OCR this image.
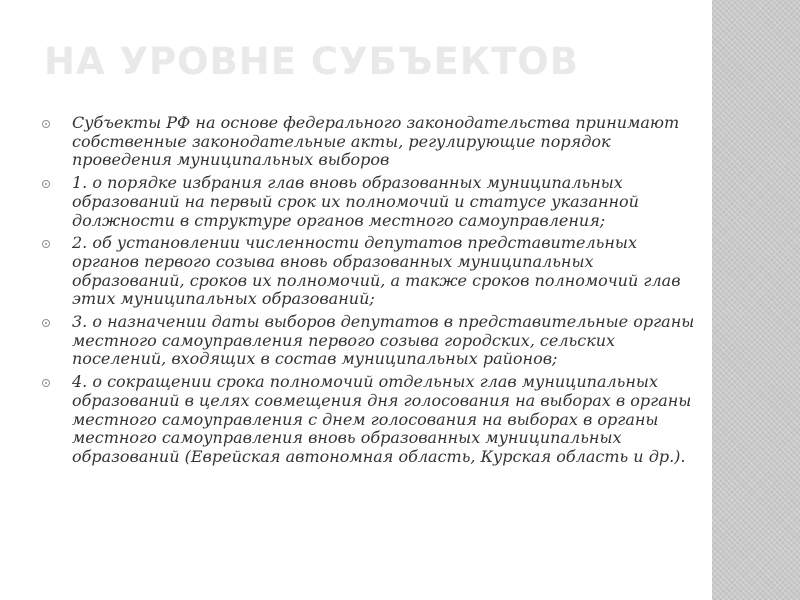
НА УРОВНЕ СУБЪЕКТОВ
Субъекты РФ на основе федерального законодательства принимают собственные законодательные акты, регулирующие порядок проведения муниципальных выборов
1. о порядке избрания глав вновь образованных муниципальных образований на первый срок их полномочий и статусе указанной должности в структуре органов местного самоуправления;
2. об установлении численности депутатов представительных органов первого созыва вновь образованных муниципальных образований, сроков их полномочий, а также сроков полномочий глав этих муниципальных образований;
3. о назначении даты выборов депутатов в представительные органы местного самоуправления первого созыва городских, сельских поселений, входящих в состав муниципальных районов;
4. о сокращении срока полномочий отдельных глав муниципальных образований в целях совмещения дня голосования на выборах в органы местного самоуправления с днем голосования на выборах в органы местного самоуправления вновь образованных муниципальных образований (Еврейская автономная область, Курская область и др.).
